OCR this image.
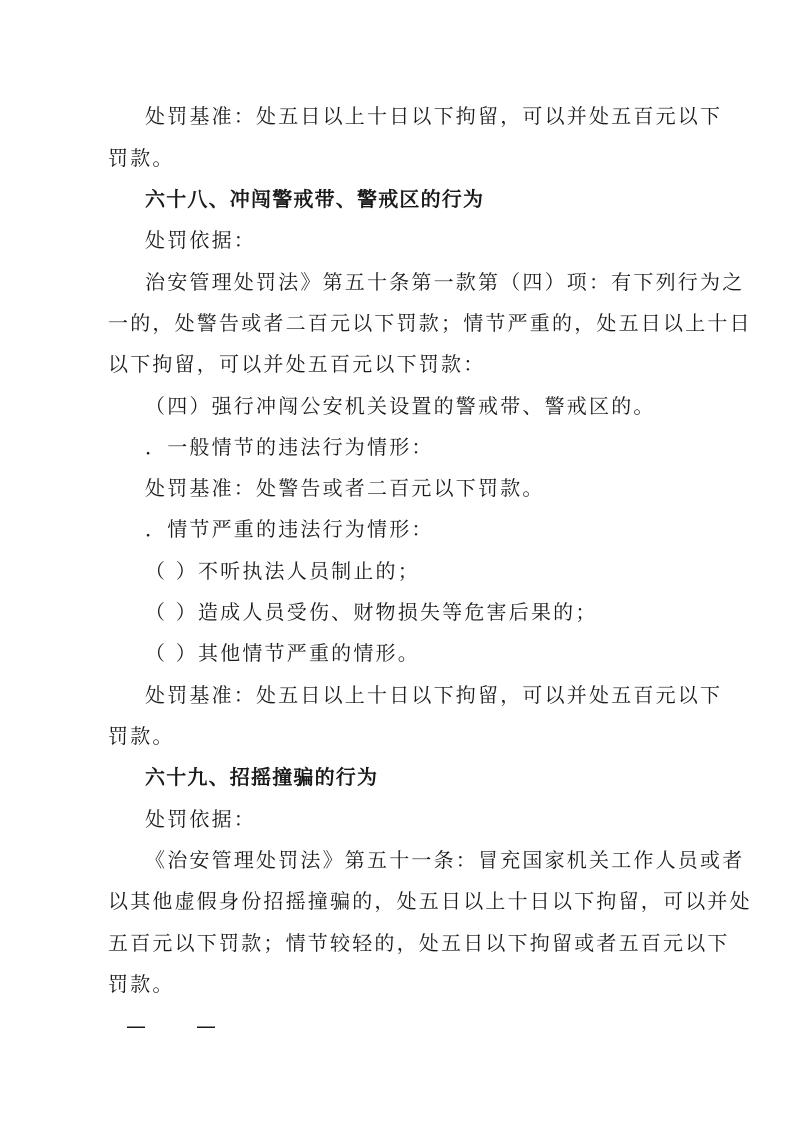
处罚基准：处五日以上十日以下拘留，可以并处五百元以下
罚款。
六十八、冲闯警戒带、警戒区的行为
处罚依据：
治安管理处罚法》第五十条第一款第（四）项：有下列行为之
一的，处警告或者二百元以下罚款；情节严重的，处五日以上十日
以下拘留，可以并处五百元以下罚款：
（四）强行冲闯公安机关设置的警戒带、警戒区的。
．一般情节的违法行为情形：
处罚基准：处警告或者二百元以下罚款。
．情节严重的违法行为情形：
（ ）不听执法人员制止的；
（ ）造成人员受伤、财物损失等危害后果的；
（ ）其他情节严重的情形。
处罚基准：处五日以上十日以下拘留，可以并处五百元以下
罚款。
六十九、招摇撞骗的行为
处罚依据：
《治安管理处罚法》第五十一条：冒充国家机关工作人员或者
以其他虚假身份招摇撞骗的，处五日以上十日以下拘留，可以并处
五百元以下罚款；情节较轻的，处五日以下拘留或者五百元以下
罚款。
—	—
